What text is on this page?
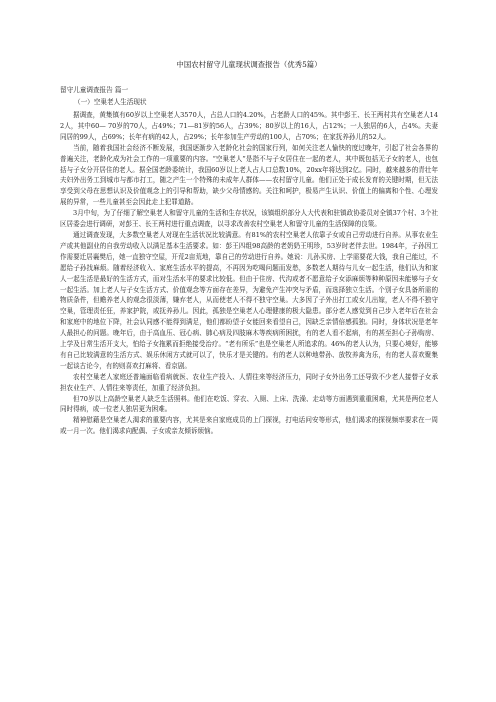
中国农村留守儿童现状调查报告（优秀5篇）
留守儿童调查报告 篇一
（一）空巢老人生活现状

据调查，黄集镇有60岁以上空巢老人3570人，占总人口的4.20%，占老龄人口的45%。其中彭王、长王两村共有空巢老人142人，其中60— 70岁的70人，占49%；71—81岁的56人，占39%；80岁以上的16人，占12%；一人独居的6人，占4%。夫妻同居的99人，占69%；长年有病的42人，占29%；长年参加生产劳动的100人，占70%；在家抚养孙儿的52人。

当前，随着我国社会经济不断发展，我国逐渐步入老龄化社会的国家行列，如何关注老人愉快的度过晚年，引起了社会各界的普遍关注，老龄化成为社会工作的一项重要的内容。“空巢老人”是指不与子女居住在一起的老人，其中既包括无子女的老人，也包括与子女分开居住的老人。据全国老龄委统计，我国60岁以上老人占人口总数10%，20xx年将达到2亿。同时，越来越多的青壮年夫妇外出务工到城市与都市打工，随之产生一个特殊的未成年人群体——农村留守儿童。他们正处于成长发育的关键时期，但无法享受到父母在思想认识及价值观念上的引导和帮助，缺少父母情感的。关注和呵护，极易产生认识、价值上的偏离和个性、心理发展的异常，一些儿童甚至会因此走上犯罪道路。

3月中旬，为了仔细了解空巢老人和留守儿童的生活和生存状况，该镇组织部分人大代表和驻镇政协委员对全镇37个村、3个社区居委会进行调研，对彭王、长王两村进行重点调查，以寻求改善农村空巢老人和留守儿童的生活保障的良策。

通过调查发现，大多数空巢老人对现在生活状况比较满意。有81%的农村空巢老人依靠子女或自己劳动进行自养。从事农业生产或其他副业的自我劳动收入以满足基本生活要求。如：彭王四组98高龄的老奶奶王明珍，53岁时老伴去世。1984年，子孙因工作需要迁居襄樊后，她一直独守空屋，开荒2亩荒地，靠自己的劳动进行自养。她说：儿孙买房、上学需要花大钱，我自己能过，不愿给子孙找麻烦。随着经济收入、家庭生活水平的提高，不再因为吃喝问题而发愁，多数老人期待与儿女一起生活，他们认为和家人一起生活是最好的生活方式，而对生活水平的要求比较低。但由于住房、代沟或者不愿意给子女添麻烦等种种原因未能够与子女一起生活。加上老人与子女生活方式、价值观念等方面存在差异，为避免产生冲突与矛盾，而选择独立生活。个别子女具备所需的物质条件，但赡养老人的观念很淡薄，嫌弃老人，从而使老人不得不独守空巢。大多因了子外出打工或女儿出嫁，老人不得不独守空巢，管理责任狂，养家护院，或抚养孙儿。因此，孤独是空巢老人心理健康的极大隐患。部分老人感觉到自己步入老年后在社会和家庭中的地位下降，社会认同感不能得到满足，他们都盼望子女能回来看望自己，因缺乏亲情倍感孤独。同时，身体状况是老年人最担心的问题。晚年后，由于高血压、冠心病、肺心病及四肢麻木等疾病所困扰，有的老人看不起病，有的甚至担心子孙购房、上学及日常生活开支大，怕给子女拖累而拒绝接受治疗。“老有所乐”也是空巢老人所追求的。46%的老人认为，只要心境好，能够有自己比较满意的生活方式、娱乐休闲方式就可以了，快乐才是关键的。有的老人以种地带孙、放牧养禽为乐，有的老人喜欢聚集一起谈古论今，有的则喜欢打麻将、看京剧。

农村空巢老人家庭还普遍面临看病就医、农业生产投入、人情往来等经济压力，同时子女外出务工还导致不少老人接替子女承担农业生产、人情往来等责任，加重了经济负担。

但70岁以上高龄空巢老人缺乏生活照料。他们在吃饭、穿衣、入厕、上床、洗澡、走动等方面遇到重重困难，尤其是两位老人同时得病，或一位老人独居更为困难。

精神慰藉是空巢老人渴求的重要内容，尤其是来自家庭成员的上门探视，打电话问安等形式，他们渴求的探视频率要求在一周或一月一次。他们渴求向配偶、子女或亲友倾诉烦恼。
